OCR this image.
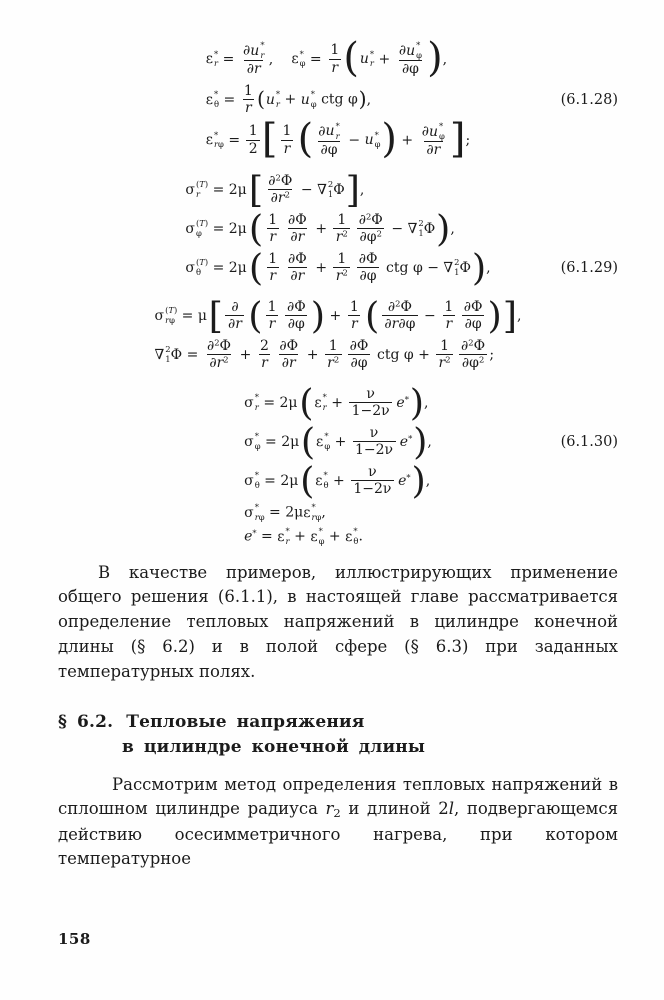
ε *
r = ∂ u *
r
∂r , ε *
$\varphi = \frac{1}{r}$ ( u *
r + ∂ u *
φ
∂φ ) ,
ε *
$\theta = \frac{1}{r}$ ( u *
r + u *
φ ctg φ ) ,
ε *
$r\varphi = \frac{1}{2}$ [ $\frac{1}{r}$ ( ∂ u *
r
∂φ − u *
φ ) + ∂ u *
φ
∂r ] ;
(6.1.28)
σ (T)
r = 2μ [ $\frac{\partial^2\Phi}{\partial r^2}$ − ∇ 2
1 Φ ] ,
σ (T)
φ = 2μ ( $\frac{1}{r} \frac{\partial\Phi}{\partial r} + \frac{1}{r^2} \frac{\partial^2\Phi}{\partial\varphi^2}$ − ∇ 2
1 Φ ) ,
σ (T)
θ = 2μ ( $\frac{1}{r} \frac{\partial\Phi}{\partial r} + \frac{1}{r^2} \frac{\partial\Phi}{\partial\varphi}$ ctg φ − ∇ 2
1 Φ ) ,	(6.1.29)
σ (T)
rφ = μ [ $\frac{\partial}{\partial r}$ ( $\frac{1}{r} \frac{\partial\Phi}{\partial\varphi}$ ) + $\frac{1}{r}$ ( $\frac{\partial^2\Phi}{\partial r\partial\varphi} - \frac{1}{r} \frac{\partial\Phi}{\partial\varphi}$ ) ] ,
∇ 2
1 $\Phi = \frac{\partial^2\Phi}{\partial r^2} + \frac{2}{r} \frac{\partial\Phi}{\partial r} + \frac{1}{r^2} \frac{\partial\Phi}{\partial\varphi}$ ctg $\varphi + \frac{1}{r^2} \frac{\partial^2\Phi}{\partial\varphi^2}$ ;
σ *
r = 2μ ( ε *
$r + \frac{\nu}{1-2\nu} e^*$ ) ,
σ *
φ = 2μ ( ε *
$\varphi + \frac{\nu}{1-2\nu} e^*$ ) ,
σ *
θ = 2μ ( ε *
$\theta + \frac{\nu}{1-2\nu} e^*$ ) ,
σ *
rφ = 2μ ε *
rφ ,
e* = ε *
r + ε *
φ + ε *
θ .
(6.1.30)

В качестве примеров, иллюстрирующих применение общего решения (6.1.1), в настоящей главе рассматривается определение тепловых напряжений в цилиндре конечной длины (§ 6.2) и в полой сфере (§ 6.3) при заданных температурных полях.

§ 6.2. Тепловые напряжения
в цилиндре конечной длины

Рассмотрим метод определения тепловых напряжений в сплошном цилиндре радиуса r2 и длиной 2l, подвергающемся действию осесимметричного нагрева, при котором температурное

158
